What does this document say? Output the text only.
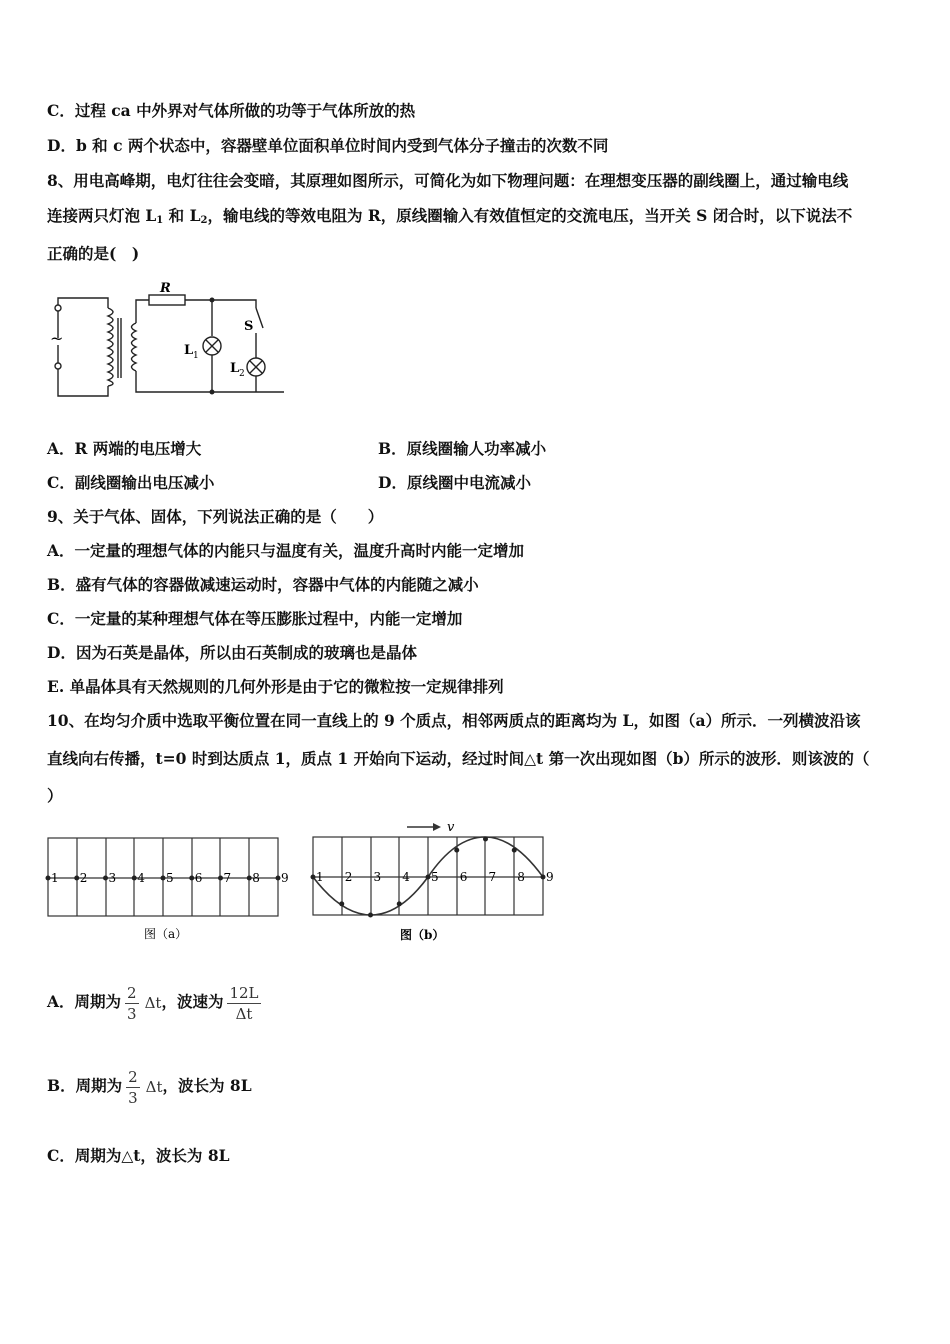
C．过程 ca 中外界对气体所做的功等于气体所放的热
D．b 和 c 两个状态中，容器壁单位面积单位时间内受到气体分子撞击的次数不同
8、用电高峰期，电灯往往会变暗，其原理如图所示，可简化为如下物理问题：在理想变压器的副线圈上，通过输电线
连接两只灯泡 $L_1$ 和 $L_2$，输电线的等效电阻为 R，原线圈输入有效值恒定的交流电压，当开关 S 闭合时，以下说法不
正确的是(　)
~
R
S
L 1
L 2
A．R 两端的电压增大	B．原线圈输人功率减小
C．副线圈输出电压减小	D．原线圈中电流减小
9、关于气体、固体，下列说法正确的是（　　）
A．一定量的理想气体的内能只与温度有关，温度升高时内能一定增加
B．盛有气体的容器做减速运动时，容器中气体的内能随之减小
C．一定量的某种理想气体在等压膨胀过程中，内能一定增加
D．因为石英是晶体，所以由石英制成的玻璃也是晶体
E. 单晶体具有天然规则的几何外形是由于它的微粒按一定规律排列
10、在均匀介质中选取平衡位置在同一直线上的 9 个质点，相邻两质点的距离均为 L，如图（a）所示．一列横波沿该
直线向右传播，t=0 时到达质点 1，质点 1 开始向下运动，经过时间△t 第一次出现如图（b）所示的波形．则该波的（
）
1 2 3 4 5 6 7 8 9
图（a）
v
1 2 3 4 5 6 7 8 9
图（b）
A．周期为 $\frac{2}{3}$ Δt ，波速为 $\frac{12L}{\Delta t}$
B．周期为 $\frac{2}{3}$ Δt ，波长为 8L
C．周期为△t，波长为 8L
